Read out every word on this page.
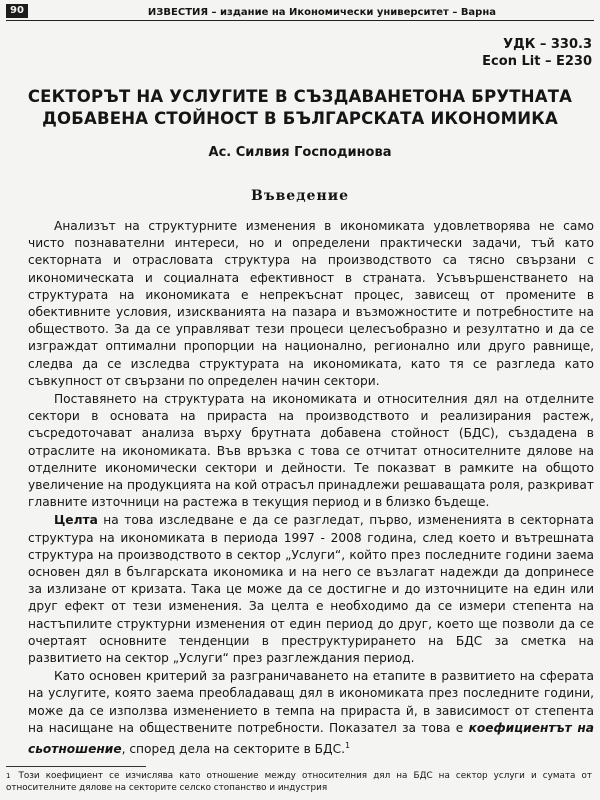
90	ИЗВЕСТИЯ – издание на Икономически университет – Варна
УДК – 330.3
Econ Lit – E230
СЕКТОРЪТ НА УСЛУГИТЕ В СЪЗДАВАНЕТОНА БРУТНАТА ДОБАВЕНА СТОЙНОСТ В БЪЛГАРСКАТА ИКОНОМИКА
Ас. Силвия Господинова
Въведение

Анализът на структурните изменения в икономиката удовлетворява не само чисто познавателни интереси, но и определени практически задачи, тъй като секторната и отрасловата структура на производството са тясно свързани с икономическата и социалната ефективност в страната. Усъвършенстването на структурата на икономиката е непрекъснат процес, зависещ от промените в обективните условия, изискванията на пазара и възможностите и потребностите на обществото. За да се управляват тези процеси целесъобразно и резултатно и да се изграждат оптимални пропорции на национално, регионално или друго равнище, следва да се изследва структурата на икономиката, като тя се разгледа като съвкупност от свързани по определен начин сектори.

Поставянето на структурата на икономиката и относителния дял на отделните сектори в основата на прираста на производството и реализирания растеж, съсредоточават анализа върху брутната добавена стойност (БДС), създадена в отраслите на икономиката. Във връзка с това се отчитат относителните дялове на отделните икономически сектори и дейности. Те показват в рамките на общото увеличение на продукцията на кой отрасъл принадлежи решаващата роля, разкриват главните източници на растежа в текущия период и в близко бъдеще.

Целта на това изследване е да се разгледат, първо, измененията в секторната структура на икономиката в периода 1997 - 2008 година, след което и вътрешната структура на производството в сектор „Услуги“, който през последните години заема основен дял в българската икономика и на него се възлагат надежди да допринесе за излизане от кризата. Така це може да се достигне и до източниците на един или друг ефект от тези изменения. За целта е необходимо да се измери степента на настъпилите структурни изменения от един период до друг, което ще позволи да се очертаят основните тенденции в преструктурирането на БДС за сметка на развитието на сектор „Услуги“ през разглеждания период.

Като основен критерий за разграничаването на етапите в развитието на сферата на услугите, която заема преобладаващ дял в икономиката през последните години, може да се използва изменението в темпа на прираста й, в зависимост от степента на насищане на обществените потребности. Показател за това е коефициентът на сьотношение, според дела на секторите в БДС.$^1$

$^1$ Този коефициент се изчислява като отношение между относителния дял на БДС на сектор услуги и сумата от относителните дялове на секторите селско стопанство и индустрия
